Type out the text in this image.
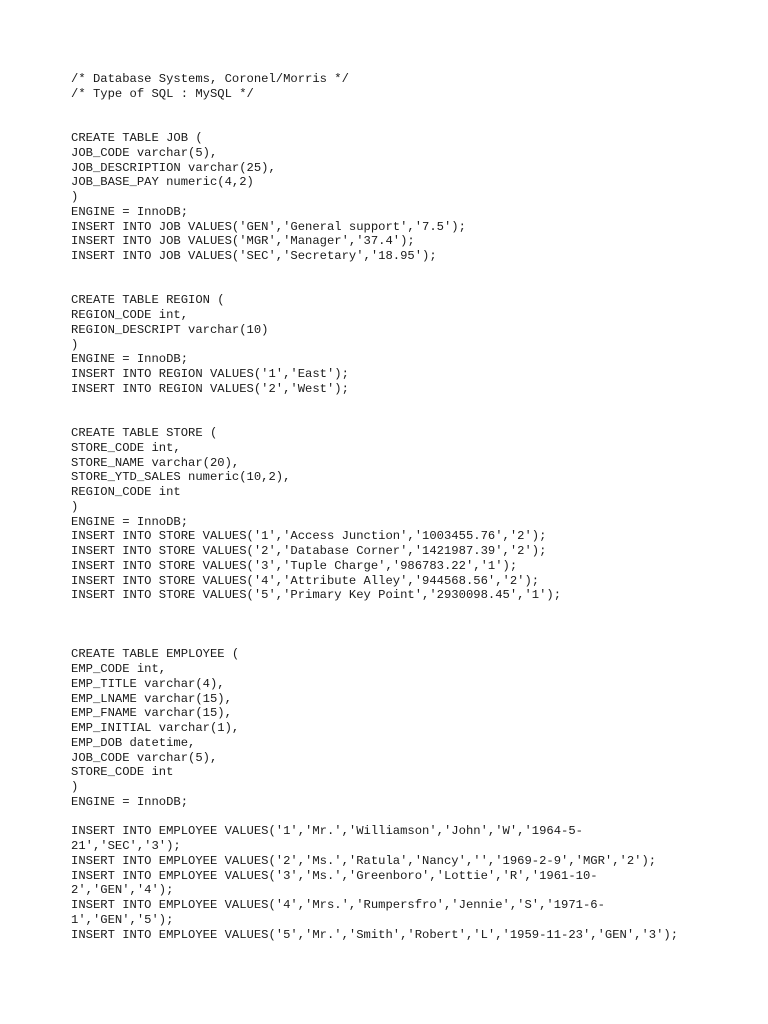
/* Database Systems, Coronel/Morris */
/* Type of SQL : MySQL */
CREATE TABLE JOB (
JOB_CODE varchar(5),
JOB_DESCRIPTION varchar(25),
JOB_BASE_PAY numeric(4,2)
)
ENGINE = InnoDB;
INSERT INTO JOB VALUES('GEN','General support','7.5');
INSERT INTO JOB VALUES('MGR','Manager','37.4');
INSERT INTO JOB VALUES('SEC','Secretary','18.95');
CREATE TABLE REGION (
REGION_CODE int,
REGION_DESCRIPT varchar(10)
)
ENGINE = InnoDB;
INSERT INTO REGION VALUES('1','East');
INSERT INTO REGION VALUES('2','West');
CREATE TABLE STORE (
STORE_CODE int,
STORE_NAME varchar(20),
STORE_YTD_SALES numeric(10,2),
REGION_CODE int
)
ENGINE = InnoDB;
INSERT INTO STORE VALUES('1','Access Junction','1003455.76','2');
INSERT INTO STORE VALUES('2','Database Corner','1421987.39','2');
INSERT INTO STORE VALUES('3','Tuple Charge','986783.22','1');
INSERT INTO STORE VALUES('4','Attribute Alley','944568.56','2');
INSERT INTO STORE VALUES('5','Primary Key Point','2930098.45','1');
CREATE TABLE EMPLOYEE (
EMP_CODE int,
EMP_TITLE varchar(4),
EMP_LNAME varchar(15),
EMP_FNAME varchar(15),
EMP_INITIAL varchar(1),
EMP_DOB datetime,
JOB_CODE varchar(5),
STORE_CODE int
)
ENGINE = InnoDB;
INSERT INTO EMPLOYEE VALUES('1','Mr.','Williamson','John','W','1964-5-
21','SEC','3');
INSERT INTO EMPLOYEE VALUES('2','Ms.','Ratula','Nancy','','1969-2-9','MGR','2');
INSERT INTO EMPLOYEE VALUES('3','Ms.','Greenboro','Lottie','R','1961-10-
2','GEN','4');
INSERT INTO EMPLOYEE VALUES('4','Mrs.','Rumpersfro','Jennie','S','1971-6-
1','GEN','5');
INSERT INTO EMPLOYEE VALUES('5','Mr.','Smith','Robert','L','1959-11-23','GEN','3');
